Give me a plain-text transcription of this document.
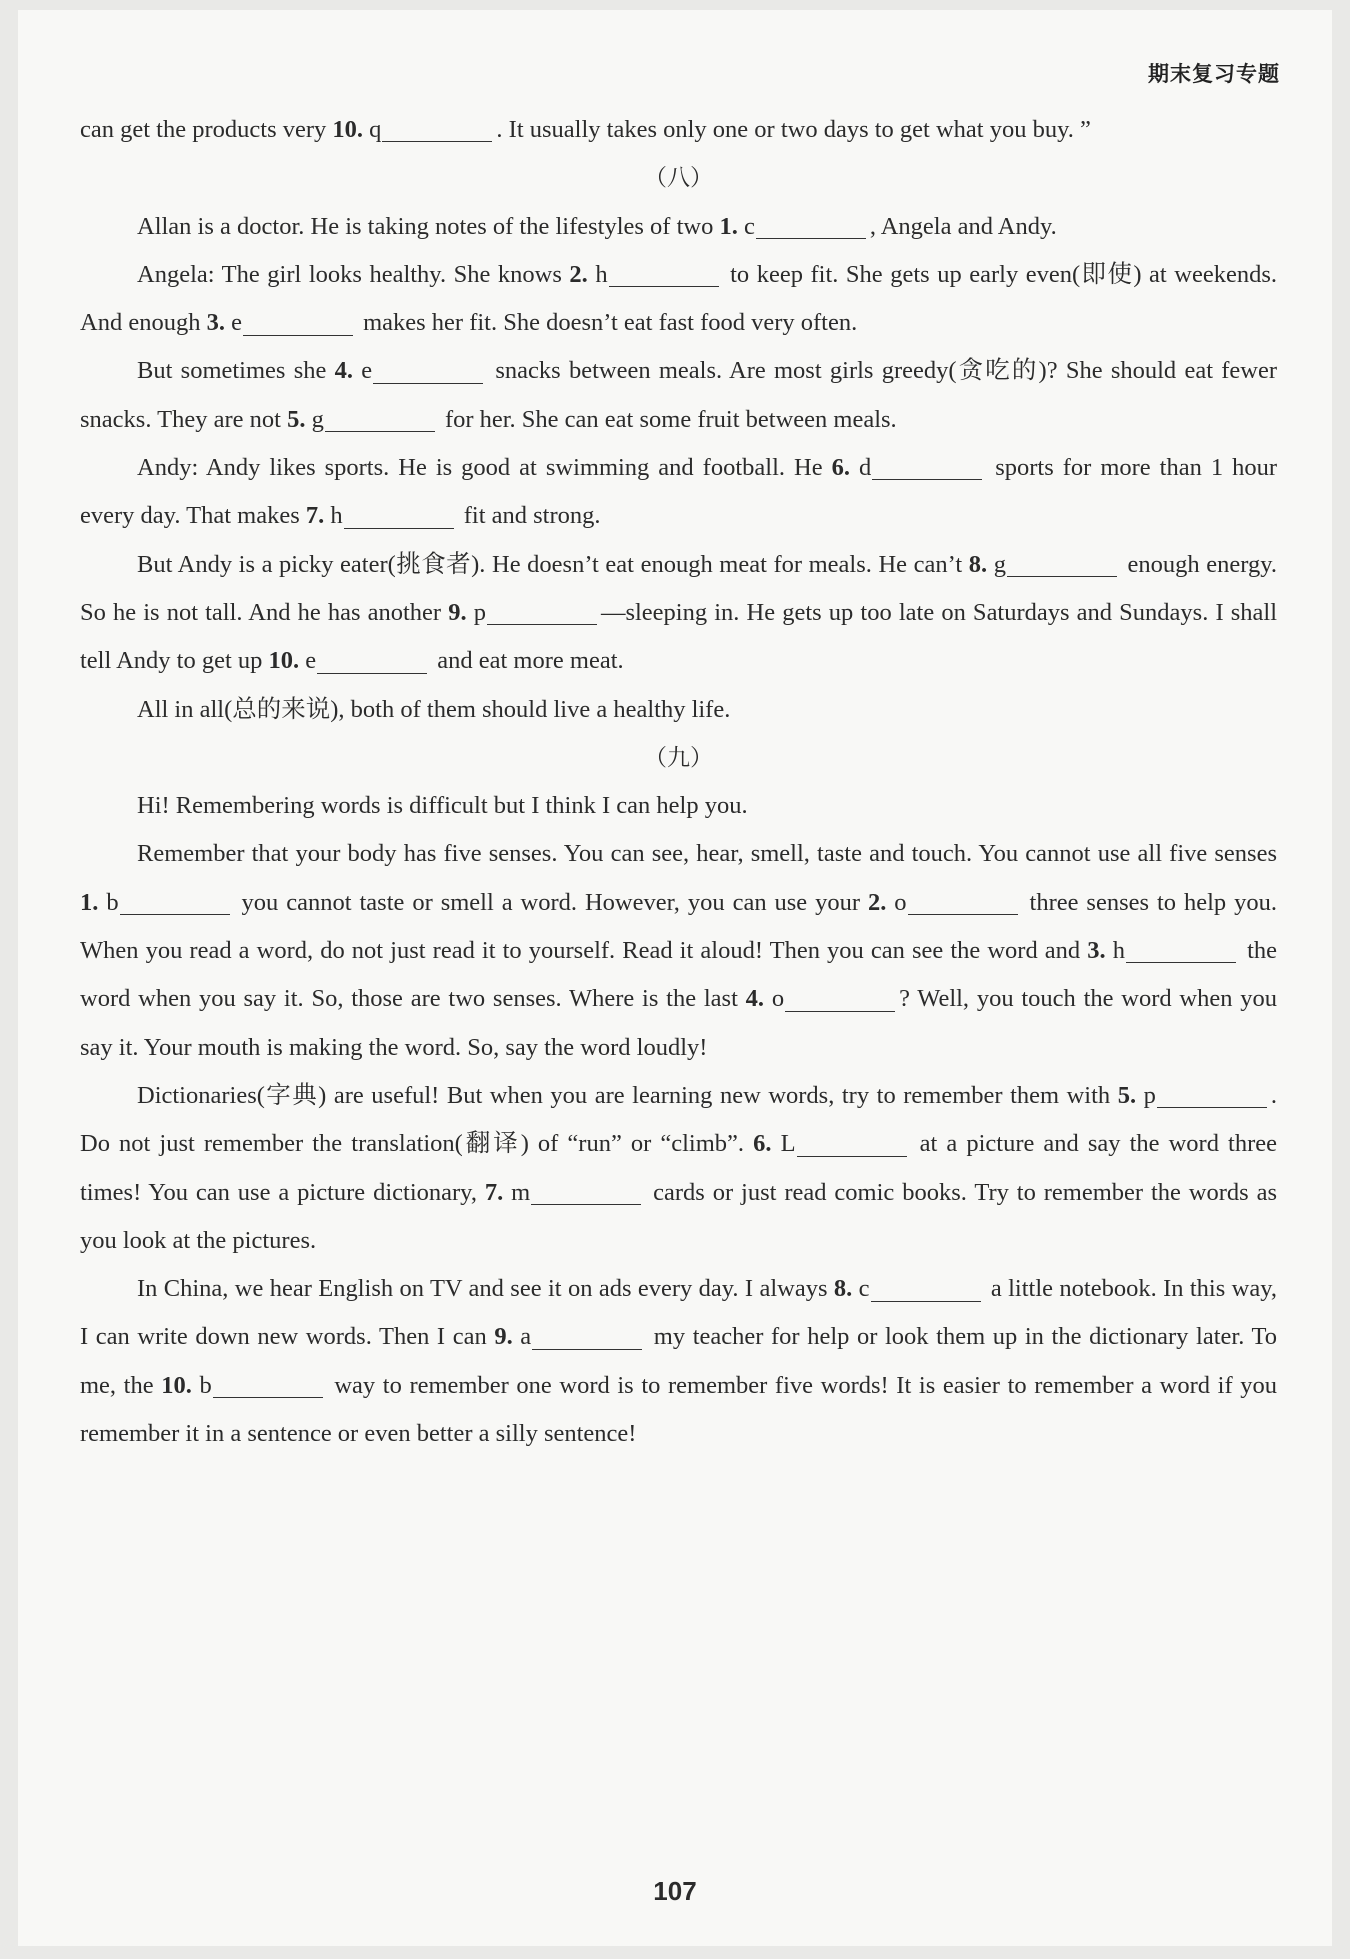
期末复习专题

can get the products very 10. q	. It usually takes only one or two days to get what you buy. ”

（八）

Allan is a doctor. He is taking notes of the lifestyles of two 1. c	, Angela and Andy.

Angela: The girl looks healthy. She knows 2. h	to keep fit. She gets up early even(即使) at weekends. And enough 3. e	makes her fit. She doesn’t eat fast food very often.

But sometimes she 4. e	snacks between meals. Are most girls greedy(贪吃的)? She should eat fewer snacks. They are not 5. g	for her. She can eat some fruit between meals.

Andy: Andy likes sports. He is good at swimming and football. He 6. d	sports for more than 1 hour every day. That makes 7. h	fit and strong.

But Andy is a picky eater(挑食者). He doesn’t eat enough meat for meals. He can’t 8. g	enough energy. So he is not tall. And he has another 9. p	—sleeping in. He gets up too late on Saturdays and Sundays. I shall tell Andy to get up 10. e	and eat more meat.

All in all(总的来说), both of them should live a healthy life.

（九）

Hi! Remembering words is difficult but I think I can help you.

Remember that your body has five senses. You can see, hear, smell, taste and touch. You cannot use all five senses 1. b	you cannot taste or smell a word. However, you can use your 2. o	three senses to help you. When you read a word, do not just read it to yourself. Read it aloud! Then you can see the word and 3. h	the word when you say it. So, those are two senses. Where is the last 4. o	? Well, you touch the word when you say it. Your mouth is making the word. So, say the word loudly!

Dictionaries(字典) are useful! But when you are learning new words, try to remember them with 5. p	. Do not just remember the translation(翻译) of “run” or “climb”. 6. L	at a picture and say the word three times! You can use a picture dictionary, 7. m	cards or just read comic books. Try to remember the words as you look at the pictures.

In China, we hear English on TV and see it on ads every day. I always 8. c	a little notebook. In this way, I can write down new words. Then I can 9. a	my teacher for help or look them up in the dictionary later. To me, the 10. b	way to remember one word is to remember five words! It is easier to remember a word if you remember it in a sentence or even better a silly sentence!

107
